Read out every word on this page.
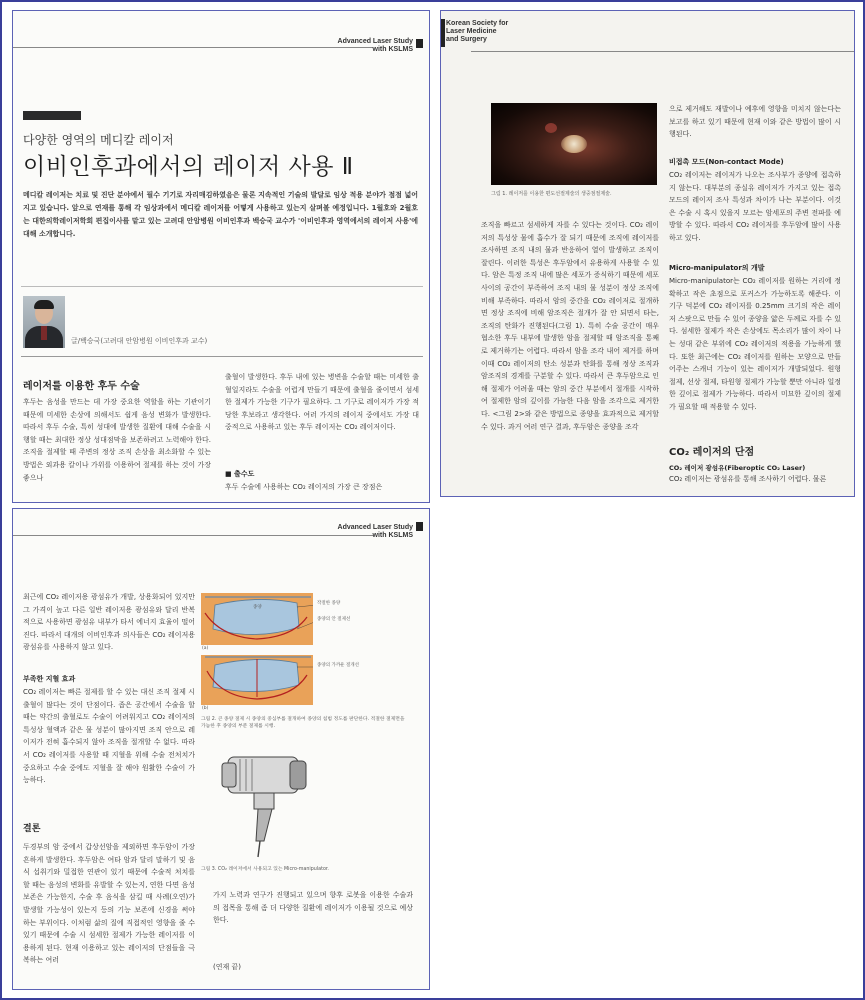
Advanced Laser Study
with KSLMS
다양한 영역의 메디칼 레이저
이비인후과에서의 레이저 사용 Ⅱ
메디칼 레이저는 치료 및 진단 분야에서 필수 기기로 자리매김하였음은 물론 지속적인 기술의 발달로 임상 적용 분야가 점점 넓어지고 있습니다. 앞으로 연재를 통해 각 임상과에서 메디칼 레이저를 어떻게 사용하고 있는지 살펴볼 예정입니다. 1월호와 2월호는 대한의학레이저학회 편집이사를 맡고 있는 고려대 안암병원 이비인후과 백승국 교수가 '이비인후과 영역에서의 레이저 사용'에 대해 소개합니다.
글/백승국(고려대 안암병원 이비인후과 교수)
레이저를 이용한 후두 수술
후두는 음성을 만드는 데 가장 중요한 역할을 하는 기관이기 때문에 미세한 손상에 의해서도 쉽게 음성 변화가 발생한다. 따라서 후두 수술, 특히 성대에 발생한 질환에 대해 수술을 시행할 때는 최대한 정상 성대점막을 보존하려고 노력해야 한다. 조직을 절제할 때 주변의 정상 조직 손상을 최소화할 수 있는 방법은 외과용 칼이나 가위를 이용하여 절제를 하는 것이 가장 좋으나
출혈이 발생한다. 후두 내에 있는 병변을 수술할 때는 미세한 출혈일지라도 수술을 어렵게 만들기 때문에 출혈을 줄이면서 섬세한 절제가 가능한 기구가 필요하다. 그 기구로 레이저가 가장 적당한 후보라고 생각한다. 여러 가지의 레이저 중에서도 가장 대중적으로 사용하고 있는 후두 레이저는 CO₂ 레이저이다.
■ 출수도
후두 수술에 사용하는 CO₂ 레이저의 가장 큰 장점은
Korean Society for
Laser Medicine
and Surgery
그림 1. 레이저를 이용한 편도선절제술의 생중점절제술.
조직을 빠르고 섬세하게 자를 수 있다는 것이다. CO₂ 레이저의 특성상 물에 흡수가 잘 되기 때문에 조직에 레이저를 조사하면 조직 내의 물과 반응하여 열이 발생하고 조직이 잘린다. 이러한 특성은 후두암에서 유용하게 사용할 수 있다. 암은 특정 조직 내에 많은 세포가 증식하기 때문에 세포 사이의 공간이 부족하여 조직 내의 물 성분이 정상 조직에 비해 부족하다. 따라서 암의 중간을 CO₂ 레이저로 절개하면 정상 조직에 비해 암조직은 절개가 잘 안 되면서 타는, 조직의 탄화가 진행된다(그림 1). 특히 수술 공간이 매우 협소한 후두 내부에 발생한 암을 절제할 때 암조직을 통째로 제거하기는 어렵다. 따라서 암을 조각 내어 제거를 하며 이때 CO₂ 레이저의 탄소 성분과 탄화를 통해 정상 조직과 암조직의 경계를 구분할 수 있다. 따라서 큰 후두암으로 인해 절제가 어려울 때는 암의 중간 부분에서 절개를 시작하여 절제한 암의 깊이를 가늠한 다음 암을 조각으로 제거한다. <그림 2>와 같은 방법으로 종양을 효과적으로 제거할 수 있다. 과거 여러 연구 결과, 후두암은 종양을 조각
으로 제거해도 재발이나 예후에 영향을 미치지 않는다는 보고를 하고 있기 때문에 현재 이와 같은 방법이 많이 시행된다.
비접촉 모드(Non-contact Mode)
CO₂ 레이저는 레이저가 나오는 조사부가 종양에 접촉하지 않는다. 대부분의 종실유 레이저가 가지고 있는 접촉 모드의 레이저 조사 특성과 차이가 나는 부분이다. 이것은 수술 시 혹시 있을지 모르는 암세포의 주변 전파를 예방할 수 있다. 따라서 CO₂ 레이저를 후두암에 많이 사용하고 있다.
Micro-manipulator의 개발
Micro-manipulator는 CO₂ 레이저를 원하는 거리에 정확하고 작은 초점으로 포커스가 가능하도록 해준다. 이 기구 덕분에 CO₂ 레이저를 0.25mm 크기의 작은 레이저 스팟으로 만들 수 있어 종양을 얇은 두께로 자를 수 있다. 섬세한 절제가 작은 손상에도 목소리가 많이 차이 나는 성대 같은 부위에 CO₂ 레이저의 적용을 가능하게 했다. 또한 최근에는 CO₂ 레이저를 원하는 모양으로 만들어주는 스캐너 기능이 있는 레이저가 개발되었다. 원형 절제, 선상 절제, 타원형 절제가 가능할 뿐만 아니라 일정한 깊이로 절제가 가능하다. 따라서 미묘한 깊이의 절제가 필요할 때 적용할 수 있다.
CO₂ 레이저의 단점
CO₂ 레이저 광섬유(Fiberoptic CO₂ Laser)
CO₂ 레이저는 광섬유를 통해 조사하기 어렵다. 물론
Advanced Laser Study
with KSLMS
최근에 CO₂ 레이저용 광섬유가 개발, 상용화되어 있지만 그 가격이 높고 다른 일반 레이저용 광섬유와 달리 반복적으로 사용하면 광섬유 내부가 타서 에너지 효율이 떨어진다. 따라서 대개의 이비인후과 의사들은 CO₂ 레이저용 광섬유를 사용하지 않고 있다.
부족한 지혈 효과
CO₂ 레이저는 빠른 절제를 할 수 있는 대신 조직 절제 시 출혈이 많다는 것이 단점이다. 좁은 공간에서 수술을 할 때는 약간의 출혈로도 수술이 어려워지고 CO₂ 레이저의 특성상 혈액과 같은 물 성분이 많아지면 조직 안으로 레이저가 전혀 흡수되지 않아 조직을 절개할 수 없다. 따라서 CO₂ 레이저를 사용할 때 지혈을 위해 수술 전처치가 중요하고 수술 중에도 지혈을 잘 해야 원활한 수술이 가능하다.
결론
두경부의 암 중에서 갑상선암을 제외하면 후두암이 가장 흔하게 발생한다. 후두암은 여타 암과 달리 말하기 및 음식 섭취기와 밀접한 연관이 있기 때문에 수술적 처치를 할 때는 음성의 변화를 유발할 수 있는지, 연한 다면 음성 보존은 가능한지, 수술 후 음식을 삼킬 때 사례(오연)가 발생할 가능성이 있는지 등의 기능 보존에 신경을 써야 하는 부위이다. 이처럼 삶의 질에 직접적인 영향을 줄 수 있기 때문에 수술 시 섬세한 절제가 가능한 레이저를 이용하게 된다. 현재 이용하고 있는 레이저의 단점들을 극복하는 여러
종양
작절한 종양
종양의 안 절제선
종양의 가까운 절개선
(a)
(b)
그림 2. 큰 종양 절제 시 종양의 중심부를 절개하여 종양의 침범 정도를 판단한다. 적절한 절제면을 가늠한 후 종양의 부분 절제를 시행.
그림 3. CO₂ 레이저에서 사용되고 있는 Micro-manipulator.
가지 노력과 연구가 진행되고 있으며 향후 로봇을 이용한 수술과의 접목을 통해 좀 더 다양한 질환에 레이저가 이용될 것으로 예상한다.
(연재 끝)
